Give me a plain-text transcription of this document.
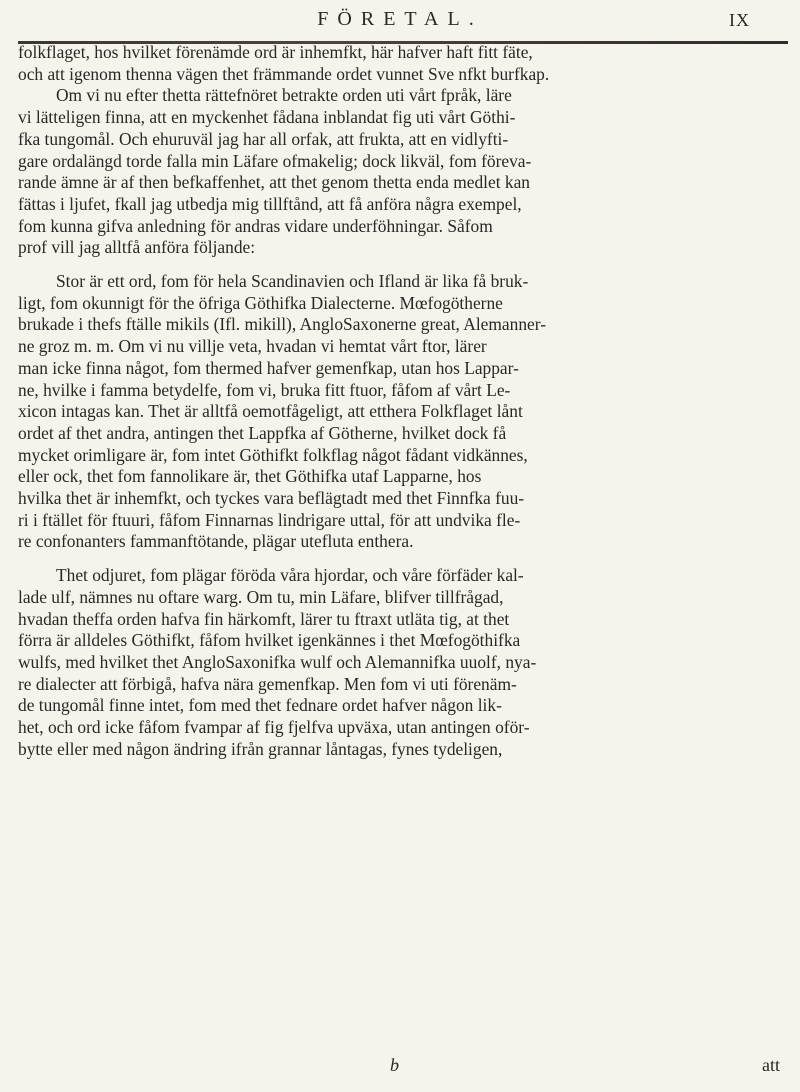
FÖRETAL.	IX

folkflaget, hos hvilket förenämde ord är inhemfkt, här hafver haft fitt fäte,
och att igenom thenna vägen thet främmande ordet vunnet Sve nfkt burfkap.
Om vi nu efter thetta rättefnöret betrakte orden uti vårt fpråk, läre
vi lätteligen finna, att en myckenhet fådana inblandat fig uti vårt Göthi-
fka tungomål. Och ehuruväl jag har all orfak, att frukta, att en vidlyfti-
gare ordalängd torde falla min Läfare ofmakelig; dock likväl, fom föreva-
rande ämne är af then befkaffenhet, att thet genom thetta enda medlet kan
fättas i ljufet, fkall jag utbedja mig tillftånd, att få anföra några exempel,
fom kunna gifva anledning för andras vidare underföhningar. Såfom
prof vill jag alltfå anföra följande:

Stor är ett ord, fom för hela Scandinavien och Ifland är lika få bruk-
ligt, fom okunnigt för the öfriga Göthifka Dialecterne. Mœfogötherne
brukade i thefs ftälle mikils (Ifl. mikill), AngloSaxonerne great, Alemanner-
ne groz m. m. Om vi nu villje veta, hvadan vi hemtat vårt ftor, lärer
man icke finna något, fom thermed hafver gemenfkap, utan hos Lappar-
ne, hvilke i famma betydelfe, fom vi, bruka fitt ftuor, fåfom af vårt Le-
xicon intagas kan. Thet är alltfå oemotfågeligt, att etthera Folkflaget lånt
ordet af thet andra, antingen thet Lappfka af Götherne, hvilket dock få
mycket orimligare är, fom intet Göthifkt folkflag något fådant vidkännes,
eller ock, thet fom fannolikare är, thet Göthifka utaf Lapparne, hos
hvilka thet är inhemfkt, och tyckes vara beflägtadt med thet Finnfka fuu-
ri i ftället för ftuuri, fåfom Finnarnas lindrigare uttal, för att undvika fle-
re confonanters fammanftötande, plägar utefluta enthera.

Thet odjuret, fom plägar föröda våra hjordar, och våre förfäder kal-
lade ulf, nämnes nu oftare warg. Om tu, min Läfare, blifver tillfrågad,
hvadan theffa orden hafva fin härkomft, lärer tu ftraxt utläta tig, at thet
förra är alldeles Göthifkt, fåfom hvilket igenkännes i thet Mœfogöthifka
wulfs, med hvilket thet AngloSaxonifka wulf och Alemannifka uuolf, nya-
re dialecter att förbigå, hafva nära gemenfkap. Men fom vi uti förenäm-
de tungomål finne intet, fom med thet fednare ordet hafver någon lik-
het, och ord icke fåfom fvampar af fig fjelfva upväxa, utan antingen oför-
bytte eller med någon ändring ifrån grannar låntagas, fynes tydeligen,

b	att
